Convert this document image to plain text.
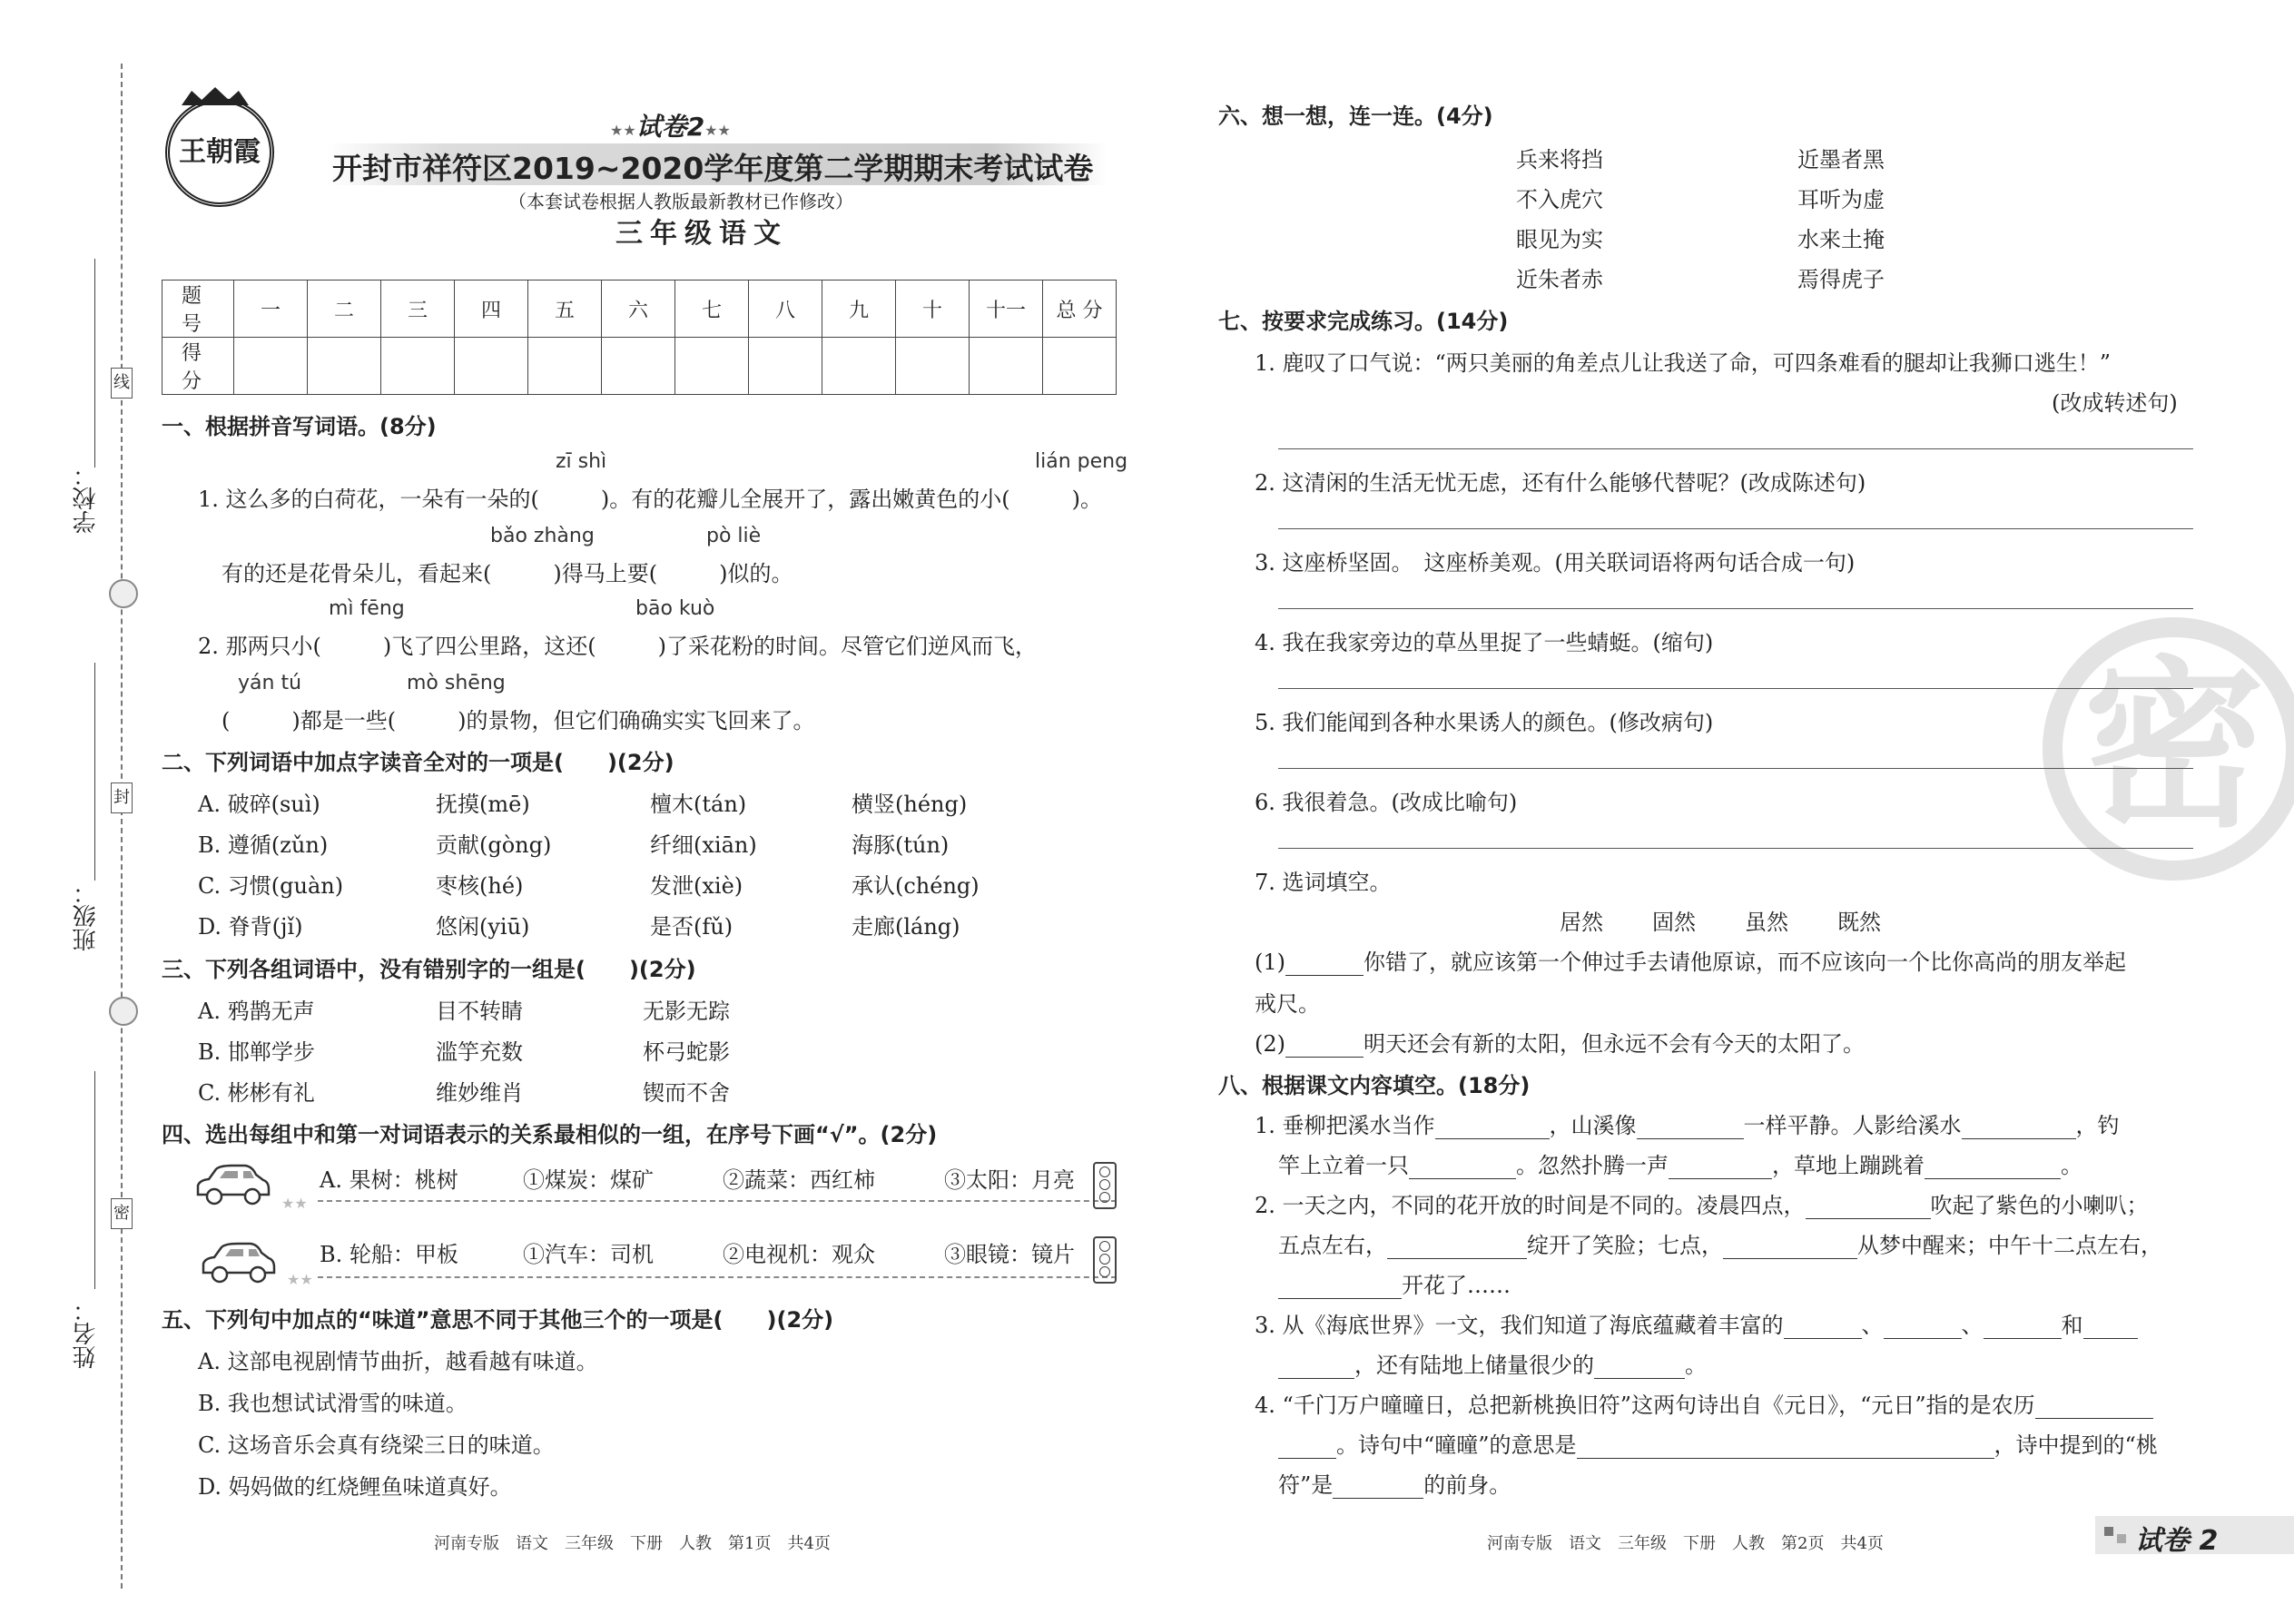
线
封
密
学校：
班级：
姓名：
王朝霞
★★试卷2★★
开封市祥符区2019~2020学年度第二学期期末考试试卷
（本套试卷根据人教版最新教材已作修改）
三年级语文
题 号	一	二	三	四	五	六	七	八	九	十	十一	总 分
得 分												
一、根据拼音写词语。(8分)
zī shì	lián peng
1. 这么多的白荷花，一朵有一朵的(	)。有的花瓣儿全展开了，露出嫩黄色的小(	)。
bǎo zhàng	pò liè
有的还是花骨朵儿，看起来(	)得马上要(	)似的。
mì fēng	bāo kuò
2. 那两只小(	)飞了四公里路，这还(	)了采花粉的时间。尽管它们逆风而飞，
yán tú	mò shēng
(	)都是一些(	)的景物，但它们确确实实飞回来了。
二、下列词语中加点字读音全对的一项是(　　)(2分)
A. 破碎(suì)	抚摸(mē)	檀木(tán)	横竖(héng)
B. 遵循(zǔn)	贡献(gòng)	纤细(xiān)	海豚(tún)
C. 习惯(guàn)	枣核(hé)	发泄(xiè)	承认(chéng)
D. 脊背(jǐ)	悠闲(yiū)	是否(fǔ)	走廊(láng)
三、下列各组词语中，没有错别字的一组是(　　)(2分)
A. 鸦鹊无声	目不转睛	无影无踪
B. 邯郸学步	滥竽充数	杯弓蛇影
C. 彬彬有礼	维妙维肖	锲而不舍
四、选出每组中和第一对词语表示的关系最相似的一组，在序号下画“√”。(2分)
★★
A. 果树：桃树	①煤炭：煤矿	②蔬菜：西红柿	③太阳：月亮
★★
B. 轮船：甲板	①汽车：司机	②电视机：观众	③眼镜：镜片
五、下列句中加点的“味道”意思不同于其他三个的一项是(　　)(2分)
A. 这部电视剧情节曲折，越看越有味道。
B. 我也想试试滑雪的味道。
C. 这场音乐会真有绕梁三日的味道。
D. 妈妈做的红烧鲤鱼味道真好。
河南专版　语文　三年级　下册　人教　第1页　共4页
密
六、想一想，连一连。(4分)
兵来将挡
不入虎穴
眼见为实
近朱者赤
近墨者黑
耳听为虚
水来土掩
焉得虎子
七、按要求完成练习。(14分)
1. 鹿叹了口气说：“两只美丽的角差点儿让我送了命，可四条难看的腿却让我狮口逃生！”
(改成转述句)
2. 这清闲的生活无忧无虑，还有什么能够代替呢？(改成陈述句)
3. 这座桥坚固。　这座桥美观。(用关联词语将两句话合成一句)
4. 我在我家旁边的草丛里捉了一些蜻蜓。(缩句)
5. 我们能闻到各种水果诱人的颜色。(修改病句)
6. 我很着急。(改成比喻句)
7. 选词填空。
居然 固然 虽然 既然
(1)	你错了，就应该第一个伸过手去请他原谅，而不应该向一个比你高尚的朋友举起
戒尺。
(2)	明天还会有新的太阳，但永远不会有今天的太阳了。
八、根据课文内容填空。(18分)
1. 垂柳把溪水当作	，山溪像	一样平静。人影给溪水	，钓
竿上立着一只	。忽然扑腾一声	，草地上蹦跳着	。
2. 一天之内，不同的花开放的时间是不同的。凌晨四点，	吹起了紫色的小喇叭；
五点左右，	绽开了笑脸；七点，	从梦中醒来；中午十二点左右，
开花了……
3. 从《海底世界》一文，我们知道了海底蕴藏着丰富的	、	、	和
，还有陆地上储量很少的	。
4. “千门万户曈曈日，总把新桃换旧符”这两句诗出自《元日》，“元日”指的是农历
。诗句中“曈曈”的意思是	，诗中提到的“桃
符”是	的前身。
河南专版　语文　三年级　下册　人教　第2页　共4页	试卷 2
